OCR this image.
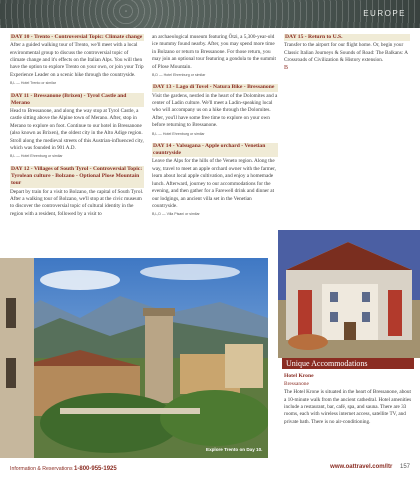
EUROPE
DAY 10 - Trento - Controversial Topic: Climate change
After a guided walking tour of Trento, we'll meet with a local environmental group to discuss the controversial topic of climate change and it's effects on the Italian Alps. You will then have the option to explore Trento on your own, or join your Trip Experience Leader on a scenic hike through the countryside.
B,L — Hotel Trento or similar
DAY 11 - Bressanone (Brixen) - Tyrol Castle and Merano
Head to Bressanone, and along the way stop at Tyrol Castle, a castle sitting above the Alpine town of Merano. After, stop in Merano to explore on foot. Continue to our hotel in Bressanone (also known as Brixen), the oldest city in the Alto Adige region. Stroll along the medieval streets of this Austrian-influenced city, which was founded in 901 A.D.
B,L — Hotel Ehrenburg or similar
DAY 12 - Villages of South Tyrol - Controversial Topic: Tyrolean culture - Bolzano - Optional Plose Mountain tour
Depart by train for a visit to Bolzano, the capital of South Tyrol. After a walking tour of Bolzano, we'll stop at the civic museum to discover the controversial topic of cultural identity in the region with a resident, followed by a visit to
an archaeological museum featuring Ötzi, a 5,300-year-old ice mummy found nearby. After, you may spend more time in Bolzano or return to Bressanone. For those return, you may join an optional tour featuring a gondola to the summit of Plose Mountain.
B,D — Hotel Ehrenburg or similar
DAY 13 - Lago di Tovel - Natura Bike - Bressanone
Visit the gardens, nestled in the heart of the Dolomites and a center of Ladin culture. We'll meet a Ladin-speaking local who will accompany us on a hike through the Dolomites. After, you'll have some free time to explore on your own before returning to Bressanone.
B,L — Hotel Ehrenburg or similar
DAY 14 - Valsugana - Apple orchard - Venetian countryside
Leave the Alps for the hills of the Veneto region. Along the way, travel to meet an apple orchard owner with the farmer, learn about local apple cultivation, and enjoy a homemade lunch. Afterward, journey to our accommodations for the evening, and then gather for a Farewell drink and dinner at our lodgings, an ancient villa set in the Venetian countryside.
B,L,D — Villa Pisani or similar
DAY 15 - Return to U.S.
Transfer to the airport for our flight home. Or, begin your Classic Italian Journeys & Sounds of Road: The Balkans: A Crossroads of Civilization & History extension.
B
Explore Trento on Day 10.
Unique Accommodations
Hotel Krone
Bressanone
The Hotel Krone is situated in the heart of Bressanone, about a 10-minute walk from the ancient cathedral. Hotel amenities include a restaurant, bar, café, spa, and sauna. There are 33 rooms, each with wireless internet access, satellite TV, and private bath. There is no air-conditioning.
Information & Reservations 1-800-955-1925	www.oattravel.com/ltr 157
